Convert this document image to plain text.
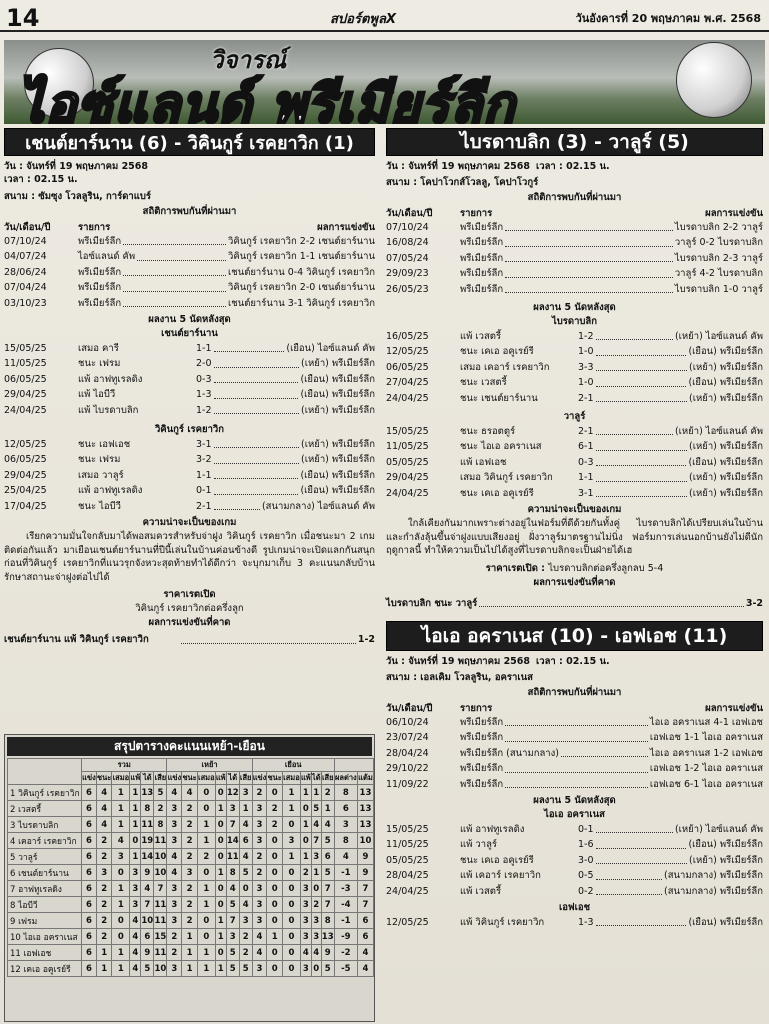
14	สปอร์ตพูลX	วันอังคารที่ 20 พฤษภาคม พ.ศ. 2568
วิจารณ์
ไอซ์แลนด์ พรีเมียร์ลีก
เชนต์ยาร์นาน (6) - วิคินกูร์ เรคยาวิก (1)
วัน : จันทร์ที่ 19 พฤษภาคม 2568
เวลา : 02.15 น.
สนาม : ซัมซุง โวลลูริน, การ์ดาแบร์
สถิติการพบกันที่ผ่านมา
วัน/เดือน/ปี	รายการ	ผลการแข่งขัน
07/10/24	พรีเมียร์ลีก	วิคินกูร์ เรคยาวิก 2-2 เชนต์ยาร์นาน
04/07/24	ไอซ์แลนด์ คัพ	วิคินกูร์ เรคยาวิก 1-1 เชนต์ยาร์นาน
28/06/24	พรีเมียร์ลีก	เชนต์ยาร์นาน 0-4 วิคินกูร์ เรคยาวิก
07/04/24	พรีเมียร์ลีก	วิคินกูร์ เรคยาวิก 2-0 เชนต์ยาร์นาน
03/10/23	พรีเมียร์ลีก	เชนต์ยาร์นาน 3-1 วิคินกูร์ เรคยาวิก
ผลงาน 5 นัดหลังสุด
เชนต์ยาร์นาน
15/05/25	เสมอ คารี	1-1	(เยือน) ไอซ์แลนด์ คัพ
11/05/25	ชนะ เฟรม	2-0	(เหย้า) พรีเมียร์ลีก
06/05/25	แพ้ อาฟทูเรลดิง	0-3	(เยือน) พรีเมียร์ลีก
29/04/25	แพ้ ไอบีวี	1-3	(เยือน) พรีเมียร์ลีก
24/04/25	แพ้ ไบรดาบลิก	1-2	(เหย้า) พรีเมียร์ลีก
วิคินกูร์ เรคยาวิก
12/05/25	ชนะ เอฟเอช	3-1	(เหย้า) พรีเมียร์ลีก
06/05/25	ชนะ เฟรม	3-2	(เหย้า) พรีเมียร์ลีก
29/04/25	เสมอ วาลูร์	1-1	(เยือน) พรีเมียร์ลีก
25/04/25	แพ้ อาฟทูเรลดิง	0-1	(เยือน) พรีเมียร์ลีก
17/04/25	ชนะ ไอบีวี	2-1	(สนามกลาง) ไอซ์แลนด์ คัพ
ความน่าจะเป็นของเกม
เรียกความมั่นใจกลับมาได้พอสมควรสำหรับจ่าฝูง วิคินกูร์ เรคยาวิก เมื่อชนะมา 2 เกมติดต่อกันแล้ว มาเยือนเชนต์ยาร์นานที่ปีนี้เล่นในบ้านค่อนข้างดี รูปเกมน่าจะเปิดแลกกันสนุก ก่อนที่วิคินกูร์ เรคยาวิกที่แนวรุกจังหวะสุดท้ายทำได้ดีกว่า จะบุกมาเก็บ 3 คะแนนกลับบ้านรักษาสถานะจ่าฝูงต่อไปได้
ราคาเรตเปิด
วิคินกูร์ เรคยาวิกต่อครึ่งลูก
ผลการแข่งขันที่คาด
เชนต์ยาร์นาน แพ้ วิคินกูร์ เรคยาวิก	1-2
สรุปตารางคะแนนเหย้า-เยือน
	รวม						เหย้า						เยือน							
	แข่ง	ชนะ	เสมอ	แพ้	ได้	เสีย	แข่ง	ชนะ	เสมอ	แพ้	ได้	เสีย	แข่ง	ชนะ	เสมอ	แพ้	ได้	เสีย	ผลต่าง	แต้ม
1 วิคินกูร์ เรคยาวิก	6	4	1	1	13	5	4	4	0	0	12	3	2	0	1	1	1	2	8	13
2 เวสตรี้	6	4	1	1	8	2	3	2	0	1	3	1	3	2	1	0	5	1	6	13
3 ไบรดาบลิก	6	4	1	1	11	8	3	2	1	0	7	4	3	2	0	1	4	4	3	13
4 เคอาร์ เรคยาวิก	6	2	4	0	19	11	3	2	1	0	14	6	3	0	3	0	7	5	8	10
5 วาลูร์	6	2	3	1	14	10	4	2	2	0	11	4	2	0	1	1	3	6	4	9
6 เชนต์ยาร์นาน	6	3	0	3	9	10	4	3	0	1	8	5	2	0	0	2	1	5	-1	9
7 อาฟทูเรลดิง	6	2	1	3	4	7	3	2	1	0	4	0	3	0	0	3	0	7	-3	7
8 ไอบีวี	6	2	1	3	7	11	3	2	1	0	5	4	3	0	0	3	2	7	-4	7
9 เฟรม	6	2	0	4	10	11	3	2	0	1	7	3	3	0	0	3	3	8	-1	6
10 ไอเอ อคราเนส	6	2	0	4	6	15	2	1	0	1	3	2	4	1	0	3	3	13	-9	6
11 เอฟเอช	6	1	1	4	9	11	2	1	1	0	5	2	4	0	0	4	4	9	-2	4
12 เคเอ อคูเรย์รี	6	1	1	4	5	10	3	1	1	1	5	5	3	0	0	3	0	5	-5	4
ไบรดาบลิก (3) - วาลูร์ (5)
วัน : จันทร์ที่ 19 พฤษภาคม 2568 เวลา : 02.15 น.
สนาม : โคปาโวกส์โวลลู, โคปาโวกูร์
สถิติการพบกันที่ผ่านมา
วัน/เดือน/ปี	รายการ	ผลการแข่งขัน
07/10/24	พรีเมียร์ลีก	ไบรดาบลิก 2-2 วาลูร์
16/08/24	พรีเมียร์ลีก	วาลูร์ 0-2 ไบรดาบลิก
07/05/24	พรีเมียร์ลีก	ไบรดาบลิก 2-3 วาลูร์
29/09/23	พรีเมียร์ลีก	วาลูร์ 4-2 ไบรดาบลิก
26/05/23	พรีเมียร์ลีก	ไบรดาบลิก 1-0 วาลูร์
ผลงาน 5 นัดหลังสุด
ไบรดาบลิก
16/05/25	แพ้ เวสตรี้	1-2	(เหย้า) ไอซ์แลนด์ คัพ
12/05/25	ชนะ เคเอ อคูเรย์รี	1-0	(เยือน) พรีเมียร์ลีก
06/05/25	เสมอ เคอาร์ เรคยาวิก	3-3	(เหย้า) พรีเมียร์ลีก
27/04/25	ชนะ เวสตรี้	1-0	(เยือน) พรีเมียร์ลีก
24/04/25	ชนะ เชนต์ยาร์นาน	2-1	(เหย้า) พรีเมียร์ลีก
วาลูร์
15/05/25	ชนะ ธรอตตูร์	2-1	(เหย้า) ไอซ์แลนด์ คัพ
11/05/25	ชนะ ไอเอ อคราเนส	6-1	(เหย้า) พรีเมียร์ลีก
05/05/25	แพ้ เอฟเอช	0-3	(เยือน) พรีเมียร์ลีก
29/04/25	เสมอ วิคินกูร์ เรคยาวิก	1-1	(เหย้า) พรีเมียร์ลีก
24/04/25	ชนะ เคเอ อคูเรย์รี	3-1	(เหย้า) พรีเมียร์ลีก
ความน่าจะเป็นของเกม
ใกล้เคียงกันมากเพราะต่างอยู่ในฟอร์มที่ดีด้วยกันทั้งคู่ ไบรดาบลิกได้เปรียบเล่นในบ้าน และกำลังลุ้นขึ้นจ่าฝูงแบบเสียงอยู่ ฝั่งวาลูร์มาตรฐานไม่นิ่ง ฟอร์มการเล่นนอกบ้านยังไม่ดีนักฤดูกาลนี้ ทำให้ความเป็นไปได้สูงที่ไบรดาบลิกจะเป็นฝ่ายได้เฮ
ราคาเรตเปิด : ไบรดาบลิกต่อครึ่งลูกลบ 5-4
ผลการแข่งขันที่คาด
ไบรดาบลิก ชนะ วาลูร์	3-2
ไอเอ อคราเนส (10) - เอฟเอช (11)
วัน : จันทร์ที่ 19 พฤษภาคม 2568 เวลา : 02.15 น.
สนาม : เอลเคิม โวลลูริน, อคราเนส
สถิติการพบกันที่ผ่านมา
วัน/เดือน/ปี	รายการ	ผลการแข่งขัน
06/10/24	พรีเมียร์ลีก	ไอเอ อคราเนส 4-1 เอฟเอช
23/07/24	พรีเมียร์ลีก	เอฟเอช 1-1 ไอเอ อคราเนส
28/04/24	พรีเมียร์ลีก (สนามกลาง)	ไอเอ อคราเนส 1-2 เอฟเอช
29/10/22	พรีเมียร์ลีก	เอฟเอช 1-2 ไอเอ อคราเนส
11/09/22	พรีเมียร์ลีก	เอฟเอช 6-1 ไอเอ อคราเนส
ผลงาน 5 นัดหลังสุด
ไอเอ อคราเนส
15/05/25	แพ้ อาฟทูเรลดิง	0-1	(เหย้า) ไอซ์แลนด์ คัพ
11/05/25	แพ้ วาลูร์	1-6	(เยือน) พรีเมียร์ลีก
05/05/25	ชนะ เคเอ อคูเรย์รี	3-0	(เหย้า) พรีเมียร์ลีก
28/04/25	แพ้ เคอาร์ เรคยาวิก	0-5	(สนามกลาง) พรีเมียร์ลีก
24/04/25	แพ้ เวสตรี้	0-2	(สนามกลาง) พรีเมียร์ลีก
เอฟเอช
12/05/25	แพ้ วิคินกูร์ เรคยาวิก	1-3	(เยือน) พรีเมียร์ลีก
